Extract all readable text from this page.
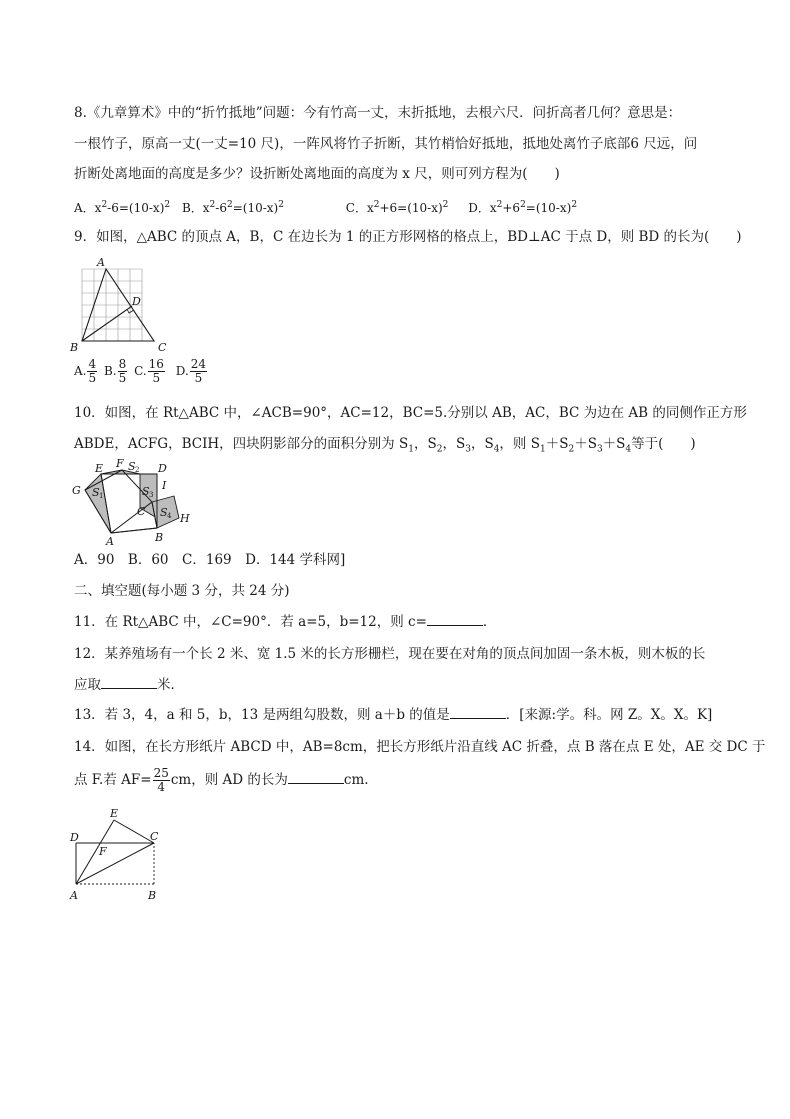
8.《九章算术》中的“折竹抵地”问题：今有竹高一丈，末折抵地，去根六尺．问折高者几何？意思是：
一根竹子，原高一丈(一丈=10 尺)，一阵风将竹子折断，其竹梢恰好抵地，抵地处离竹子底部6 尺远，问
折断处离地面的高度是多少？设折断处离地面的高度为 x 尺，则可列方程为(　　)
A．$x^2-6=(10-x)^2$ B．$x^2-6^2=(10-x)^2$	C．$x^2+6=(10-x)^2$ D．$x^2+6^2=(10-x)^2$
9．如图，△ABC 的顶点 A，B，C 在边长为 1 的正方形网格的格点上，BD⊥AC 于点 D，则 BD 的长为(　　)
A
B	C
D
A. $\frac{4}{5} B$. $\frac{8}{5} C$. $\frac{16}{5} D$. $\frac{24}{5}$
10．如图，在 Rt△ABC 中，∠ACB=90°，AC=12，BC=5.分别以 AB，AC，BC 为边在 AB 的同侧作正方形
ABDE，ACFG，BCIH，四块阴影部分的面积分别为 $S_1$，$S_2$，$S_3$，$S_4$，则 $S_1+S_2+S_3+S_4$等于(　　)
G
E F	D
I
H
C
A	B
S 1
S 2
S 3
S 4
A．90　B．60　C．169　D．144 学科网]
二、填空题(每小题 3 分，共 24 分)
11．在 Rt△ABC 中，∠C=90°．若 a=5，b=12，则 c=	．
12．某养殖场有一个长 2 米、宽 1.5 米的长方形栅栏，现在要在对角的顶点间加固一条木板，则木板的长
应取	米．
13．若 3，4，a 和 5，b，13 是两组勾股数，则 a＋b 的值是	．[来源:学。科。网 Z。X。X。K]
14．如图，在长方形纸片 ABCD 中，AB=8cm，把长方形纸片沿直线 AC 折叠，点 B 落在点 E 处，AE 交 DC 于
点 F.若 $AF= \frac{25}{4}$ cm，则 AD 的长为	cm.
D
E
C
F
A	B
